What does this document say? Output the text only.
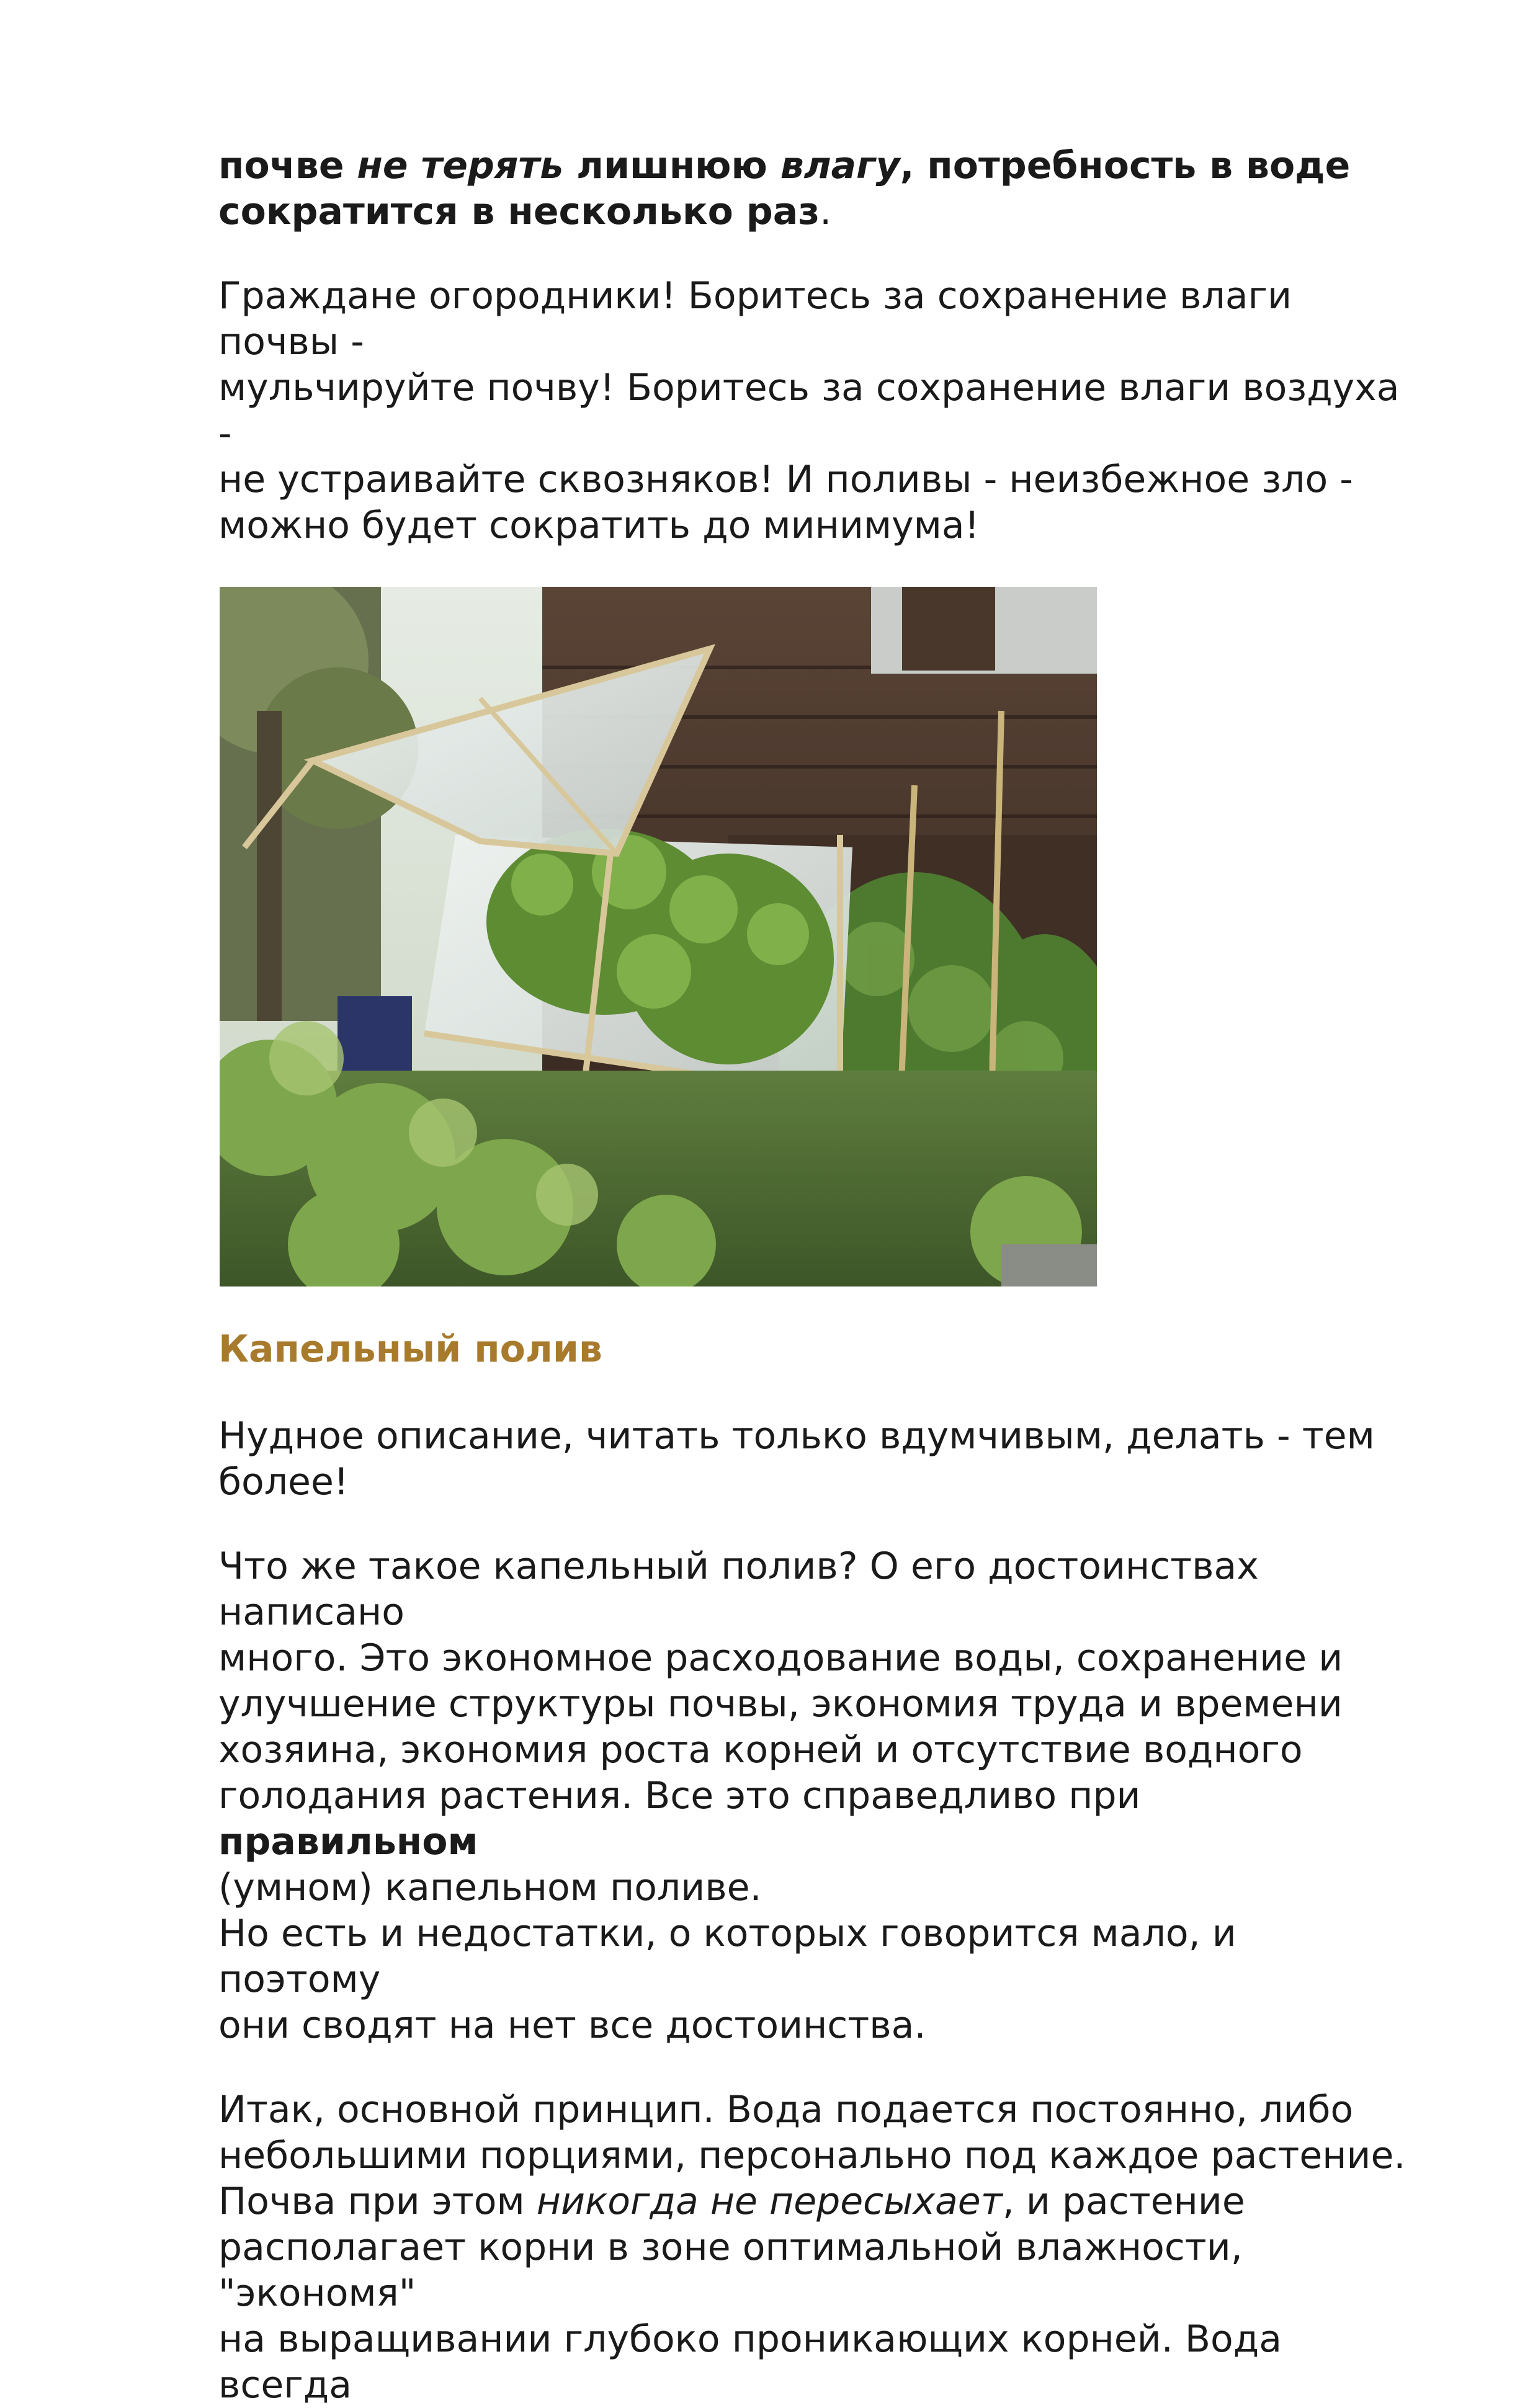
почве не терять лишнюю влагу, потребность в воде
сократится в несколько раз.

Граждане огородники! Боритесь за сохранение влаги почвы -
мульчируйте почву! Боритесь за сохранение влаги воздуха -
не устраивайте сквозняков! И поливы - неизбежное зло -
можно будет сократить до минимума!

Капельный полив

Нудное описание, читать только вдумчивым, делать - тем
более!

Что же такое капельный полив? О его достоинствах написано
много. Это экономное расходование воды, сохранение и
улучшение структуры почвы, экономия труда и времени
хозяина, экономия роста корней и отсутствие водного
голодания растения. Все это справедливо при правильном
(умном) капельном поливе.
Но есть и недостатки, о которых говорится мало, и поэтому
они сводят на нет все достоинства.

Итак, основной принцип. Вода подается постоянно, либо
небольшими порциями, персонально под каждое растение.
Почва при этом никогда не пересыхает, и растение
располагает корни в зоне оптимальной влажности, "экономя"
на выращивании глубоко проникающих корней. Вода всегда
